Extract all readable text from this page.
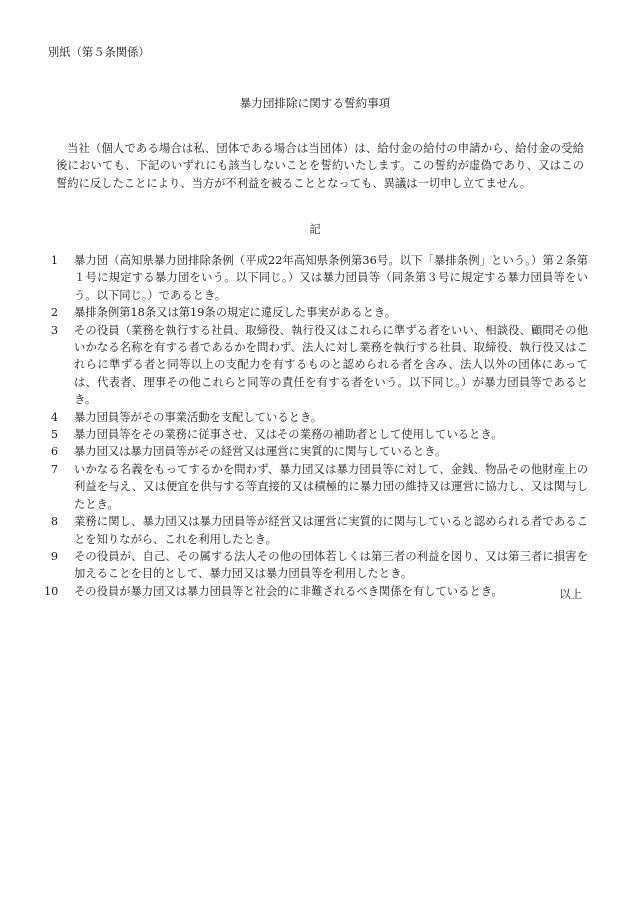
別紙（第５条関係）
暴力団排除に関する誓約事項
当社（個人である場合は私、団体である場合は当団体）は、給付金の給付の申請から、給付金の受給後においても、下記のいずれにも該当しないことを誓約いたします。この誓約が虚偽であり、又はこの誓約に反したことにより、当方が不利益を被ることとなっても、異議は一切申し立てません。
記
1 暴力団（高知県暴力団排除条例（平成22年高知県条例第36号。以下「暴排条例」という。）第２条第１号に規定する暴力団をいう。以下同じ。）又は暴力団員等（同条第３号に規定する暴力団員等をいう。以下同じ。）であるとき。
2 暴排条例第18条又は第19条の規定に違反した事実があるとき。
3 その役員（業務を執行する社員、取締役、執行役又はこれらに準ずる者をいい、相談役、顧問その他いかなる名称を有する者であるかを問わず、法人に対し業務を執行する社員、取締役、執行役又はこれらに準ずる者と同等以上の支配力を有するものと認められる者を含み、法人以外の団体にあっては、代表者、理事その他これらと同等の責任を有する者をいう。以下同じ。）が暴力団員等であるとき。
4 暴力団員等がその事業活動を支配しているとき。
5 暴力団員等をその業務に従事させ、又はその業務の補助者として使用しているとき。
6 暴力団又は暴力団員等がその経営又は運営に実質的に関与しているとき。
7 いかなる名義をもってするかを問わず、暴力団又は暴力団員等に対して、金銭、物品その他財産上の利益を与え、又は便宜を供与する等直接的又は積極的に暴力団の維持又は運営に協力し、又は関与したとき。
8 業務に関し、暴力団又は暴力団員等が経営又は運営に実質的に関与していると認められる者であることを知りながら、これを利用したとき。
9 その役員が、自己、その属する法人その他の団体若しくは第三者の利益を図り、又は第三者に損害を加えることを目的として、暴力団又は暴力団員等を利用したとき。
10 その役員が暴力団又は暴力団員等と社会的に非難されるべき関係を有しているとき。	以上
